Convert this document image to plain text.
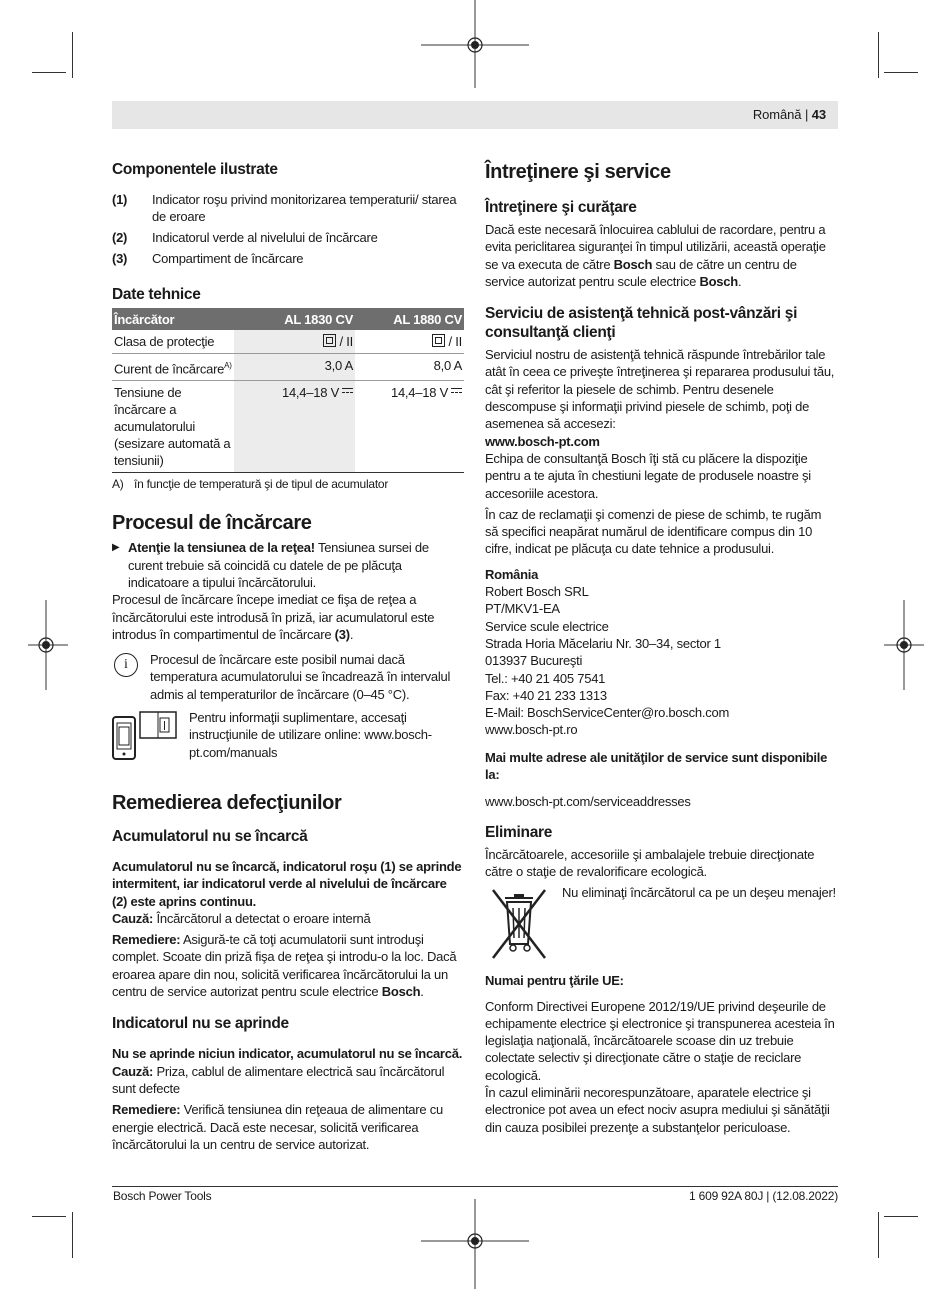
Română | 43
Componentele ilustrate
(1)	Indicator roşu privind monitorizarea temperaturii/ starea de eroare
(2)	Indicatorul verde al nivelului de încărcare
(3)	Compartiment de încărcare
Date tehnice
Încărcător	AL 1830 CV	AL 1880 CV
Clasa de protecţie	/ II	/ II
Curent de încărcare$^{A)}$	3,0 A	8,0 A
Tensiune de încărcare a acumulatorului (sesizare automată a tensiunii)	14,4–18 V	14,4–18 V
A) în funcţie de temperatură şi de tipul de acumulator
Procesul de încărcare
▶ Atenţie la tensiunea de la reţea! Tensiunea sursei de curent trebuie să coincidă cu datele de pe plăcuţa indicatoare a tipului încărcătorului.

Procesul de încărcare începe imediat ce fişa de reţea a încărcătorului este introdusă în priză, iar acumulatorul este introdus în compartimentul de încărcare (3).

i	Procesul de încărcare este posibil numai dacă temperatura acumulatorului se încadrează în intervalul admis al temperaturilor de încărcare (0–45 °C).

Pentru informaţii suplimentare, accesaţi instrucţiunile de utilizare online: www.bosch-pt.com/manuals

Remedierea defecţiunilor
Acumulatorul nu se încarcă

Acumulatorul nu se încarcă, indicatorul roşu (1) se aprinde intermitent, iar indicatorul verde al nivelului de încărcare (2) este aprins continuu.

Cauză: Încărcătorul a detectat o eroare internă

Remediere: Asigură-te că toţi acumulatorii sunt introduşi complet. Scoate din priză fişa de reţea şi introdu-o la loc. Dacă eroarea apare din nou, solicită verificarea încărcătorului la un centru de service autorizat pentru scule electrice Bosch.

Indicatorul nu se aprinde

Nu se aprinde niciun indicator, acumulatorul nu se încarcă.

Cauză: Priza, cablul de alimentare electrică sau încărcătorul sunt defecte

Remediere: Verifică tensiunea din reţeaua de alimentare cu energie electrică. Dacă este necesar, solicită verificarea încărcătorului la un centru de service autorizat.

Întreţinere şi service
Întreţinere şi curăţare

Dacă este necesară înlocuirea cablului de racordare, pentru a evita periclitarea siguranţei în timpul utilizării, această operaţie se va executa de către Bosch sau de către un centru de service autorizat pentru scule electrice Bosch.

Serviciu de asistenţă tehnică post-vânzări şi consultanţă clienţi

Serviciul nostru de asistenţă tehnică răspunde întrebărilor tale atât în ceea ce priveşte întreţinerea şi repararea produsului tău, cât şi referitor la piesele de schimb. Pentru desenele descompuse şi informaţii privind piesele de schimb, poţi de asemenea să accesezi:

www.bosch-pt.com

Echipa de consultanţă Bosch îţi stă cu plăcere la dispoziţie pentru a te ajuta în chestiuni legate de produsele noastre şi accesoriile acestora.

În caz de reclamaţii şi comenzi de piese de schimb, te rugăm să specifici neapărat numărul de identificare compus din 10 cifre, indicat pe plăcuţa cu date tehnice a produsului.

România

Robert Bosch SRL

PT/MKV1-EA

Service scule electrice

Strada Horia Măcelariu Nr. 30–34, sector 1

013937 Bucureşti

Tel.: +40 21 405 7541

Fax: +40 21 233 1313

E-Mail: BoschServiceCenter@ro.bosch.com

www.bosch-pt.ro

Mai multe adrese ale unităţilor de service sunt disponibile la:

www.bosch-pt.com/serviceaddresses

Eliminare

Încărcătoarele, accesoriile şi ambalajele trebuie direcţionate către o staţie de revalorificare ecologică.

Nu eliminaţi încărcătorul ca pe un deşeu menajer!

Numai pentru ţările UE:

Conform Directivei Europene 2012/19/UE privind deşeurile de echipamente electrice şi electronice şi transpunerea acesteia în legislaţia naţională, încărcătoarele scoase din uz trebuie colectate selectiv şi direcţionate către o staţie de reciclare ecologică.

În cazul eliminării necorespunzătoare, aparatele electrice şi electronice pot avea un efect nociv asupra mediului şi sănătăţii din cauza posibilei prezenţe a substanţelor periculoase.

Bosch Power Tools	1 609 92A 80J | (12.08.2022)
